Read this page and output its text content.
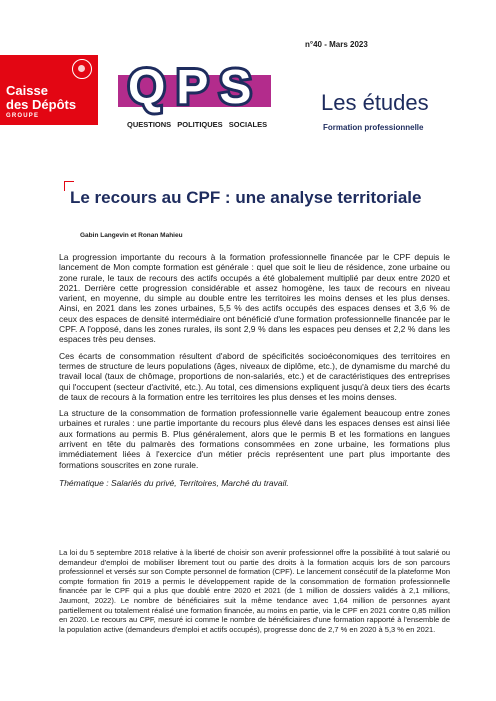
Caisse
des Dépôts
GROUPE
n°40 - Mars 2023
QPS
QUESTIONS POLITIQUES SOCIALES
Les études
Formation professionnelle
Le recours au CPF : une analyse territoriale
Gabin Langevin et Ronan Mahieu

La progression importante du recours à la formation professionnelle financée par le CPF depuis le lancement de Mon compte formation est générale : quel que soit le lieu de résidence, zone urbaine ou zone rurale, le taux de recours des actifs occupés a été globalement multiplié par deux entre 2020 et 2021. Derrière cette progression considérable et assez homogène, les taux de recours en niveau varient, en moyenne, du simple au double entre les territoires les moins denses et les plus denses. Ainsi, en 2021 dans les zones urbaines, 5,5 % des actifs occupés des espaces denses et 3,6 % de ceux des espaces de densité intermédiaire ont bénéficié d'une formation professionnelle financée par le CPF. A l'opposé, dans les zones rurales, ils sont 2,9 % dans les espaces peu denses et 2,2 % dans les espaces très peu denses.

Ces écarts de consommation résultent d'abord de spécificités socioéconomiques des territoires en termes de structure de leurs populations (âges, niveaux de diplôme, etc.), de dynamisme du marché du travail local (taux de chômage, proportions de non-salariés, etc.) et de caractéristiques des entreprises qui l'occupent (secteur d'activité, etc.). Au total, ces dimensions expliquent jusqu'à deux tiers des écarts de taux de recours à la formation entre les territoires les plus denses et les moins denses.

La structure de la consommation de formation professionnelle varie également beaucoup entre zones urbaines et rurales : une partie importante du recours plus élevé dans les espaces denses est ainsi liée aux formations au permis B. Plus généralement, alors que le permis B et les formations en langues arrivent en tête du palmarès des formations consommées en zone urbaine, les formations plus immédiatement liées à l'exercice d'un métier précis représentent une part plus importante des formations souscrites en zone rurale.

Thématique : Salariés du privé, Territoires, Marché du travail.

La loi du 5 septembre 2018 relative à la liberté de choisir son avenir professionnel offre la possibilité à tout salarié ou demandeur d'emploi de mobiliser librement tout ou partie des droits à la formation acquis lors de son parcours professionnel et versés sur son Compte personnel de formation (CPF). Le lancement consécutif de la plateforme Mon compte formation fin 2019 a permis le développement rapide de la consommation de formation professionnelle financée par le CPF qui a plus que doublé entre 2020 et 2021 (de 1 million de dossiers validés à 2,1 millions, Jaumont, 2022). Le nombre de bénéficiaires suit la même tendance avec 1,64 million de personnes ayant partiellement ou totalement réalisé une formation financée, au moins en partie, via le CPF en 2021 contre 0,85 million en 2020. Le recours au CPF, mesuré ici comme le nombre de bénéficiaires d'une formation rapporté à l'ensemble de la population active (demandeurs d'emploi et actifs occupés), progresse donc de 2,7 % en 2020 à 5,3 % en 2021.
